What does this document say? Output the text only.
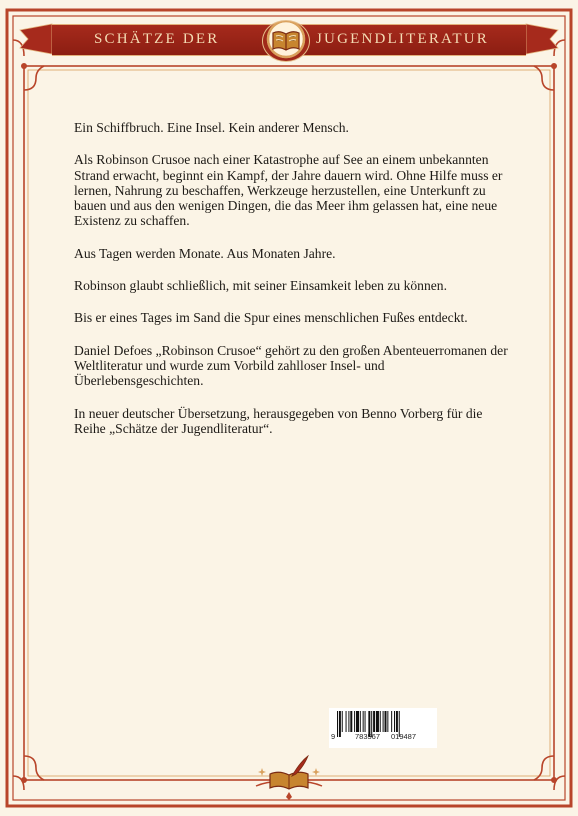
SCHÄTZE DER	JUGENDLITERATUR

Ein Schiffbruch. Eine Insel. Kein anderer Mensch.

Als Robinson Crusoe nach einer Katastrophe auf See an einem unbekannten Strand erwacht, beginnt ein Kampf, der Jahre dauern wird. Ohne Hilfe muss er lernen, Nahrung zu beschaffen, Werkzeuge herzustellen, eine Unterkunft zu bauen und aus den wenigen Dingen, die das Meer ihm gelassen hat, eine neue Existenz zu schaffen.

Aus Tagen werden Monate. Aus Monaten Jahre.

Robinson glaubt schließlich, mit seiner Einsamkeit leben zu können.

Bis er eines Tages im Sand die Spur eines menschlichen Fußes entdeckt.

Daniel Defoes „Robinson Crusoe“ gehört zu den großen Abenteuerromanen der Weltliteratur und wurde zum Vorbild zahlloser Insel- und Überlebensgeschichten.

In neuer deutscher Übersetzung, herausgegeben von Benno Vorberg für die Reihe „Schätze der Jugendliteratur“.

9	783567 019487
